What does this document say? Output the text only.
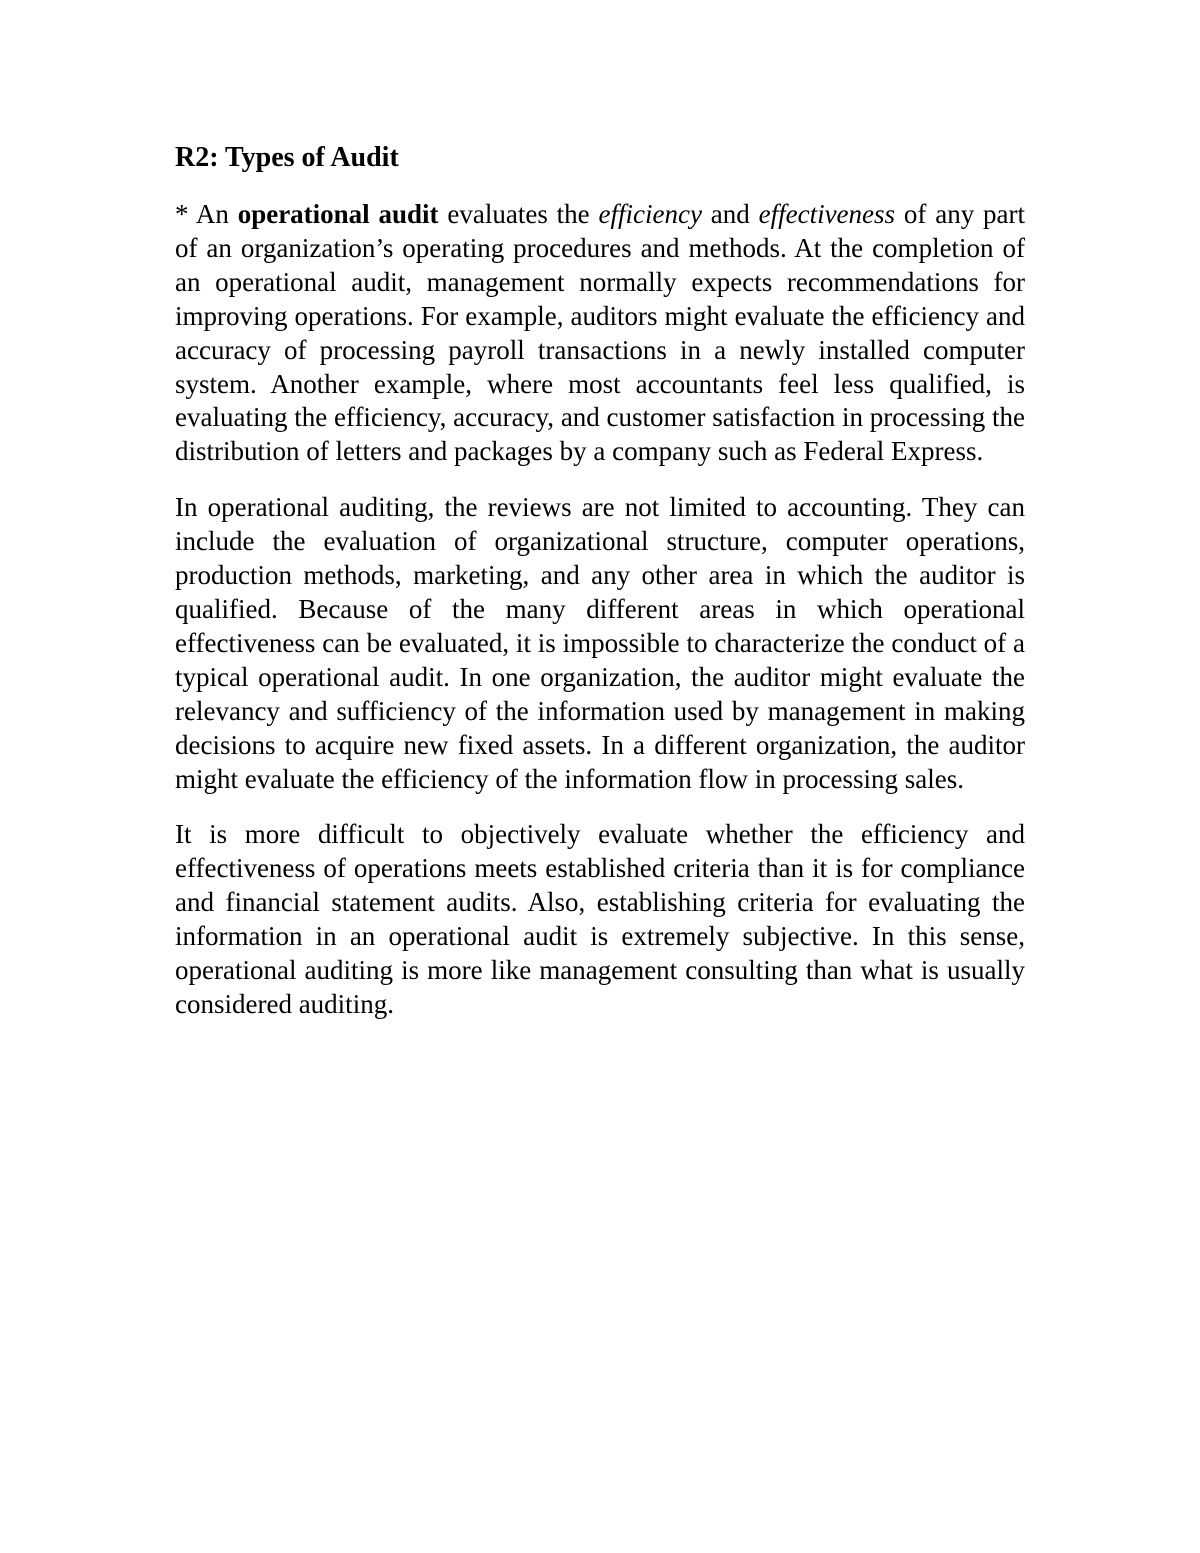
R2: Types of Audit

* An operational audit evaluates the efficiency and effectiveness of any part of an organization’s operating procedures and methods. At the completion of an operational audit, management normally expects recommendations for improving operations. For example, auditors might evaluate the efficiency and accuracy of processing payroll transactions in a newly installed computer system. Another example, where most accountants feel less qualified, is evaluating the efficiency, accuracy, and customer satisfaction in processing the distribution of letters and packages by a company such as Federal Express.

In operational auditing, the reviews are not limited to accounting. They can include the evaluation of organizational structure, computer operations, production methods, marketing, and any other area in which the auditor is qualified. Because of the many different areas in which operational effectiveness can be evaluated, it is impossible to characterize the conduct of a typical operational audit. In one organization, the auditor might evaluate the relevancy and sufficiency of the information used by management in making decisions to acquire new fixed assets. In a different organization, the auditor might evaluate the efficiency of the information flow in processing sales.

It is more difficult to objectively evaluate whether the efficiency and effectiveness of operations meets established criteria than it is for compliance and financial statement audits. Also, establishing criteria for evaluating the information in an operational audit is extremely subjective. In this sense, operational auditing is more like management consulting than what is usually considered auditing.
